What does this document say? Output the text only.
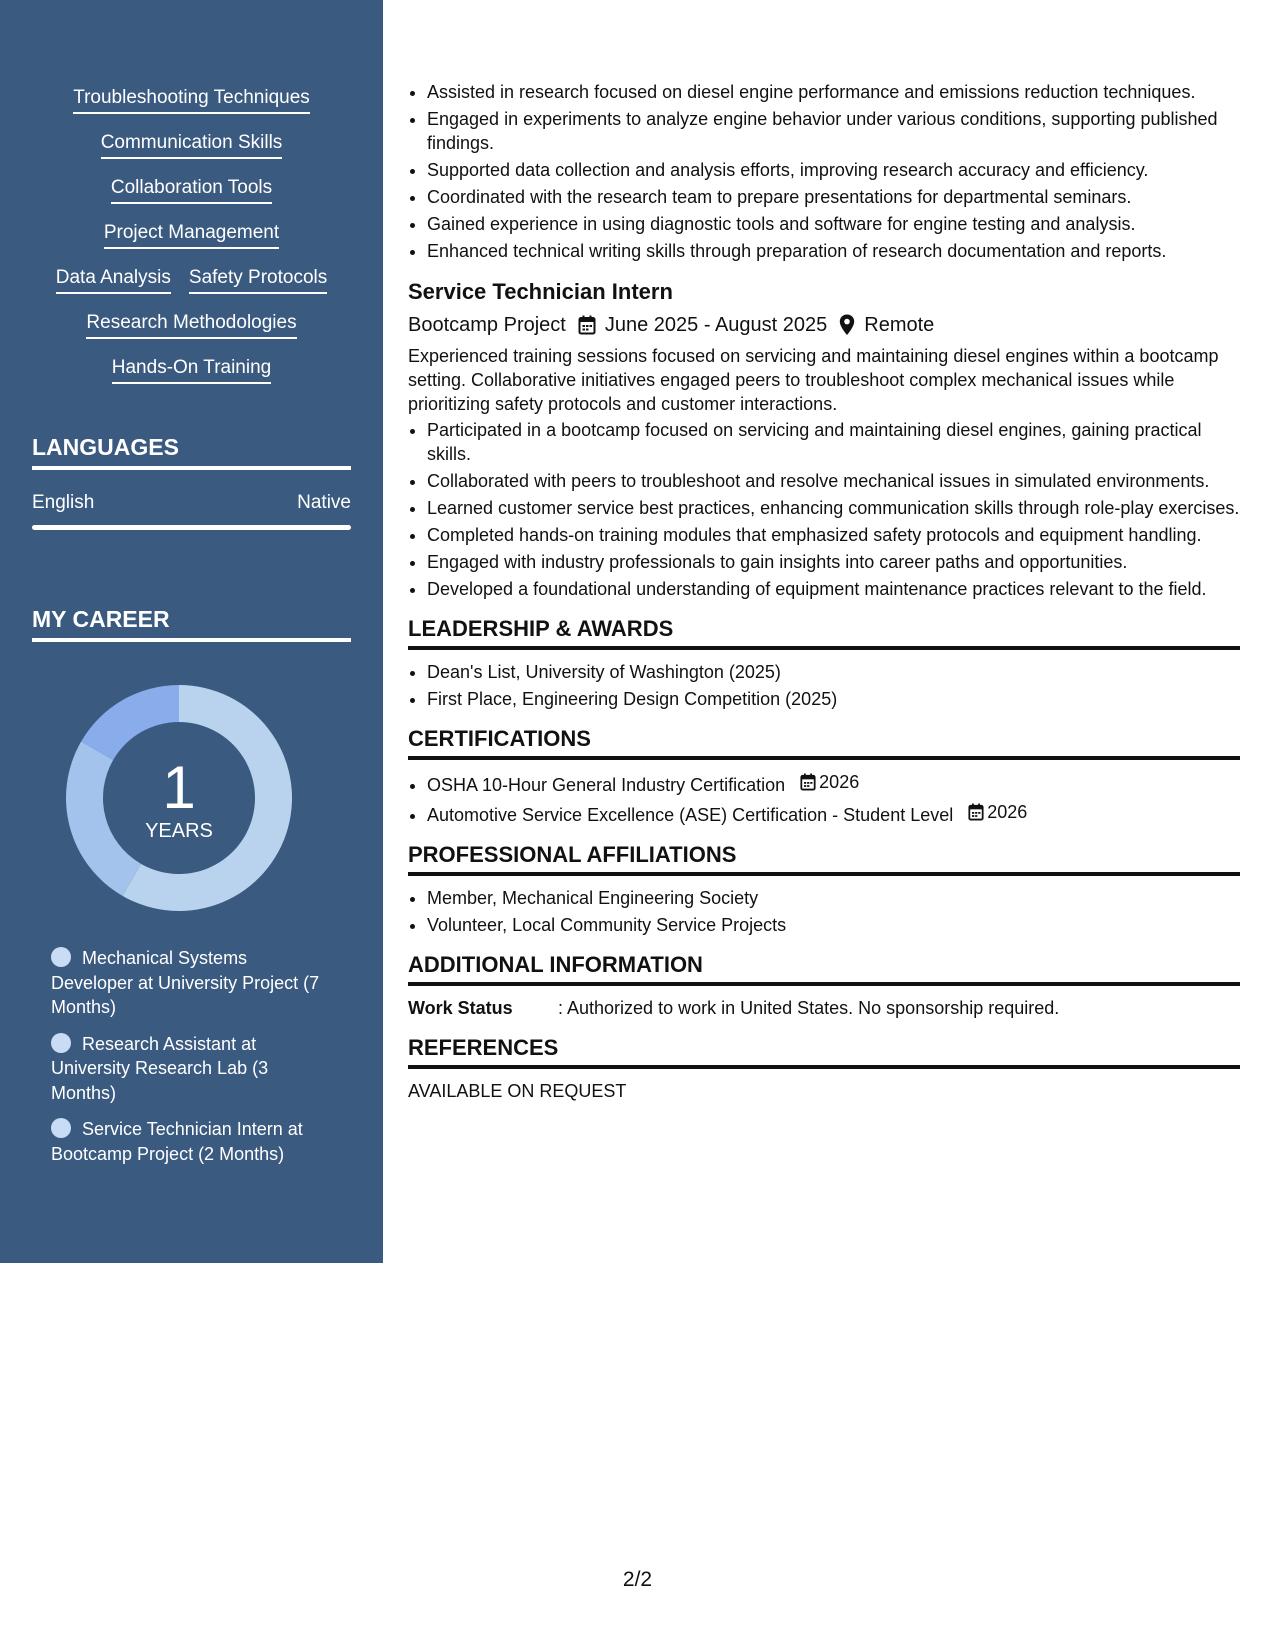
Troubleshooting Techniques
Communication Skills
Collaboration Tools
Project Management
Data Analysis Safety Protocols
Research Methodologies
Hands-On Training
LANGUAGES
English	Native
MY CAREER
1
YEARS
Mechanical Systems Developer at University Project (7 Months)
Research Assistant at University Research Lab (3 Months)
Service Technician Intern at Bootcamp Project (2 Months)
• Assisted in research focused on diesel engine performance and emissions reduction techniques.
• Engaged in experiments to analyze engine behavior under various conditions, supporting published findings.
• Supported data collection and analysis efforts, improving research accuracy and efficiency.
• Coordinated with the research team to prepare presentations for departmental seminars.
• Gained experience in using diagnostic tools and software for engine testing and analysis.
• Enhanced technical writing skills through preparation of research documentation and reports.
Service Technician Intern
Bootcamp Project June 2025 - August 2025 Remote
Experienced training sessions focused on servicing and maintaining diesel engines within a bootcamp setting. Collaborative initiatives engaged peers to troubleshoot complex mechanical issues while prioritizing safety protocols and customer interactions.
• Participated in a bootcamp focused on servicing and maintaining diesel engines, gaining practical skills.
• Collaborated with peers to troubleshoot and resolve mechanical issues in simulated environments.
• Learned customer service best practices, enhancing communication skills through role-play exercises.
• Completed hands-on training modules that emphasized safety protocols and equipment handling.
• Engaged with industry professionals to gain insights into career paths and opportunities.
• Developed a foundational understanding of equipment maintenance practices relevant to the field.
LEADERSHIP & AWARDS
• Dean's List, University of Washington (2025)
• First Place, Engineering Design Competition (2025)
CERTIFICATIONS
• OSHA 10-Hour General Industry Certification 2026
• Automotive Service Excellence (ASE) Certification - Student Level 2026
PROFESSIONAL AFFILIATIONS
• Member, Mechanical Engineering Society
• Volunteer, Local Community Service Projects
ADDITIONAL INFORMATION
Work Status	: Authorized to work in United States. No sponsorship required.
REFERENCES
AVAILABLE ON REQUEST
2/2
